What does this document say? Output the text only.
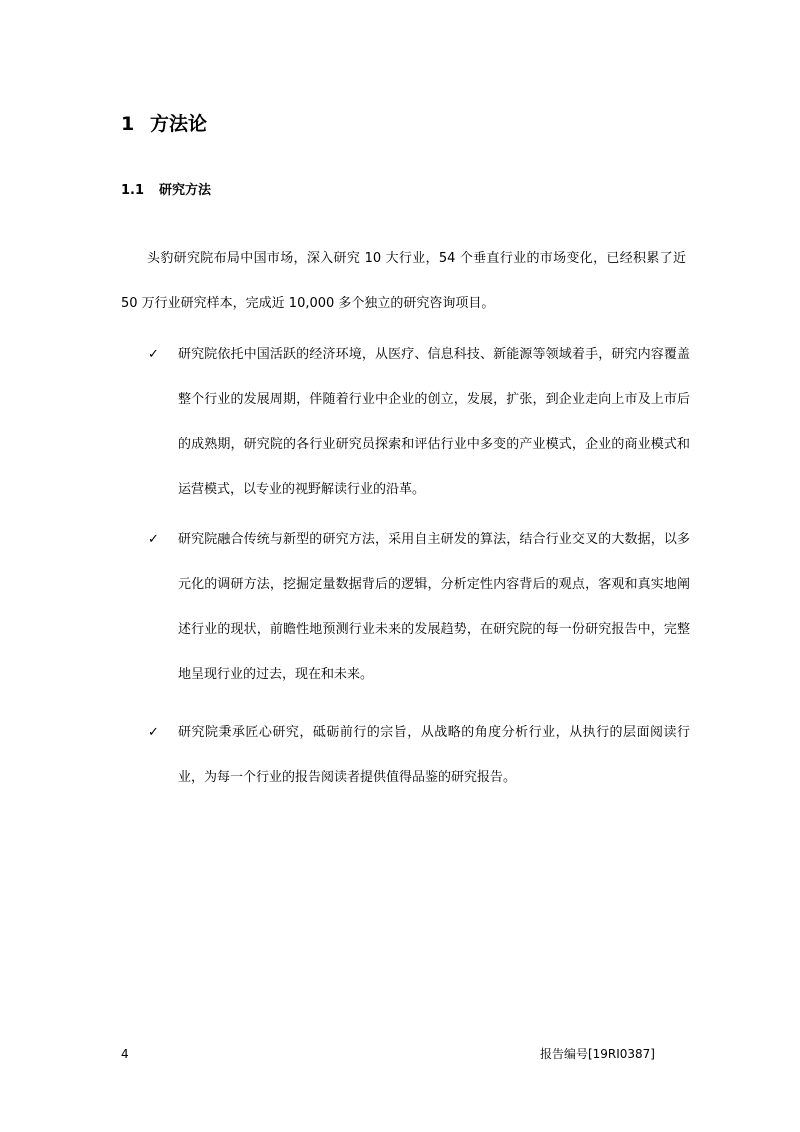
1 方法论
1.1 研究方法

头豹研究院布局中国市场，深入研究 10 大行业，54 个垂直行业的市场变化，已经积累了近 50 万行业研究样本，完成近 10,000 多个独立的研究咨询项目。

✓ 研究院依托中国活跃的经济环境，从医疗、信息科技、新能源等领域着手，研究内容覆盖整个行业的发展周期，伴随着行业中企业的创立，发展，扩张，到企业走向上市及上市后的成熟期，研究院的各行业研究员探索和评估行业中多变的产业模式，企业的商业模式和运营模式，以专业的视野解读行业的沿革。

✓ 研究院融合传统与新型的研究方法，采用自主研发的算法，结合行业交叉的大数据，以多元化的调研方法，挖掘定量数据背后的逻辑，分析定性内容背后的观点，客观和真实地阐述行业的现状，前瞻性地预测行业未来的发展趋势，在研究院的每一份研究报告中，完整地呈现行业的过去，现在和未来。

✓ 研究院秉承匠心研究，砥砺前行的宗旨，从战略的角度分析行业，从执行的层面阅读行业，为每一个行业的报告阅读者提供值得品鉴的研究报告。

4	报告编号[19RI0387]
